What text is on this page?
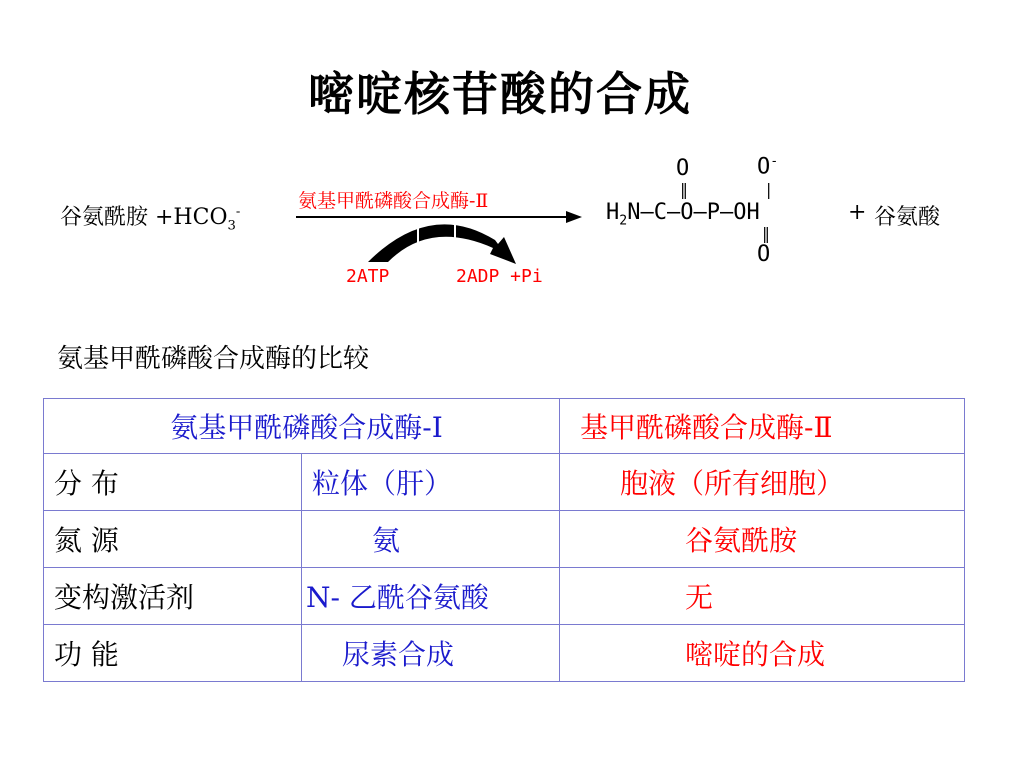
嘧啶核苷酸的合成
谷氨酰胺 $+HCO_3^-$
氨基甲酰磷酸合成酶-Ⅱ
2ATP	2ADP +Pi
$H_2N—C—O—P—OH$
O
‖
O-
|
‖
O
+ 谷氨酸
氨基甲酰磷酸合成酶的比较
氨基甲酰磷酸合成酶-Ⅰ		基甲酰磷酸合成酶-Ⅱ
分 布	粒体（肝）	胞液（所有细胞）
氮 源	氨	谷氨酰胺
变构激活剂	N- 乙酰谷氨酸	无
功 能	尿素合成	嘧啶的合成
